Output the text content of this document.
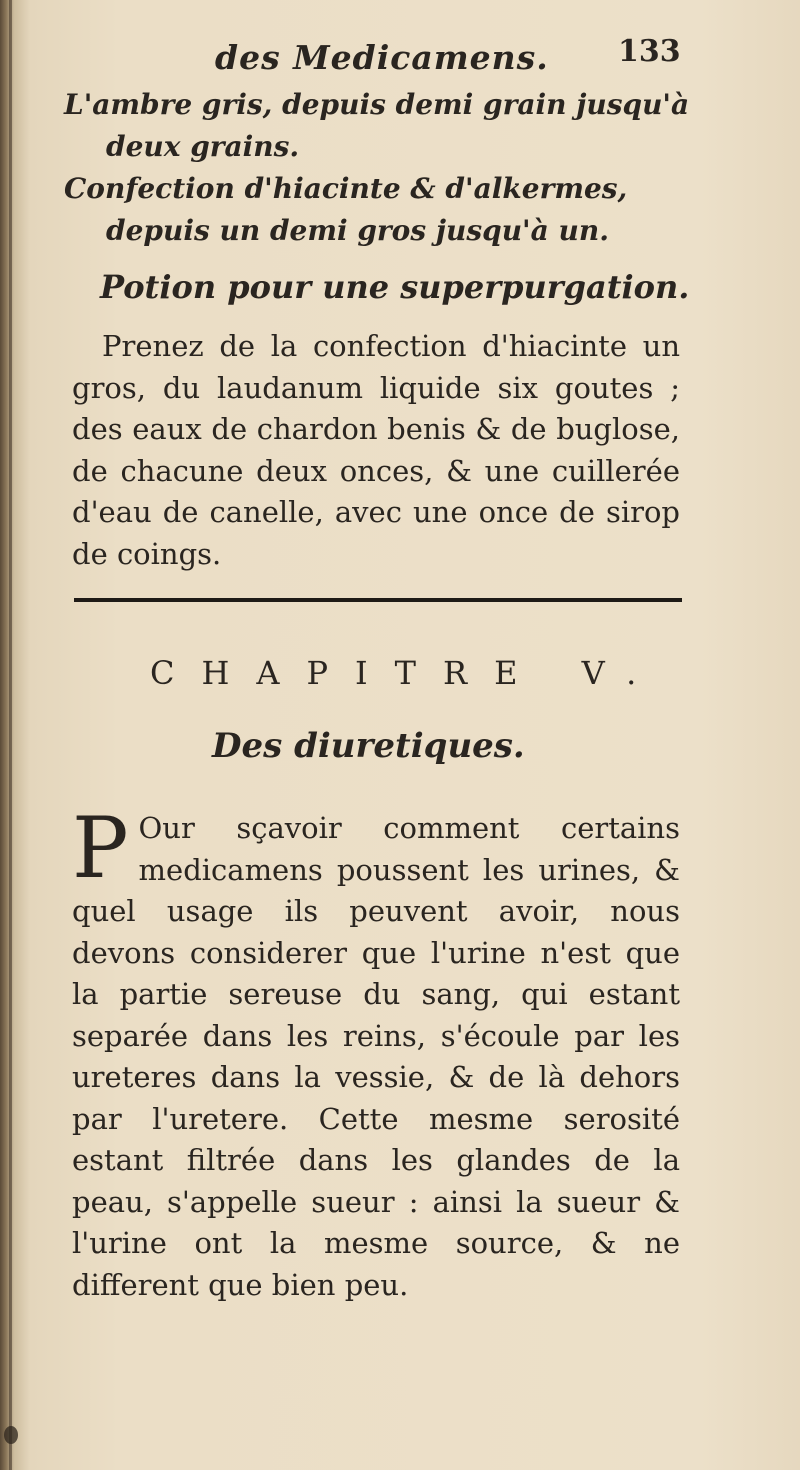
des Medicamens. 133
L'ambre gris, depuis demi grain jusqu'à deux grains.
Confection d'hiacinte & d'alkermes, depuis un demi gros jusqu'à un.
Potion pour une superpurgation.
Prenez de la confection d'hiacinte un gros, du laudanum liquide six goutes ; des eaux de chardon benis & de buglose, de chacune deux onces, & une cuillerée d'eau de canelle, avec une once de sirop de coings.
CHAPITRE V.
Des diuretiques.
P Our sçavoir comment certains medicamens poussent les urines, & quel usage ils peuvent avoir, nous devons considerer que l'urine n'est que la partie sereuse du sang, qui estant separée dans les reins, s'écoule par les ureteres dans la vessie, & de là dehors par l'uretere. Cette mesme serosité estant filtrée dans les glandes de la peau, s'appelle sueur : ainsi la sueur & l'urine ont la mesme source, & ne different que bien peu.
